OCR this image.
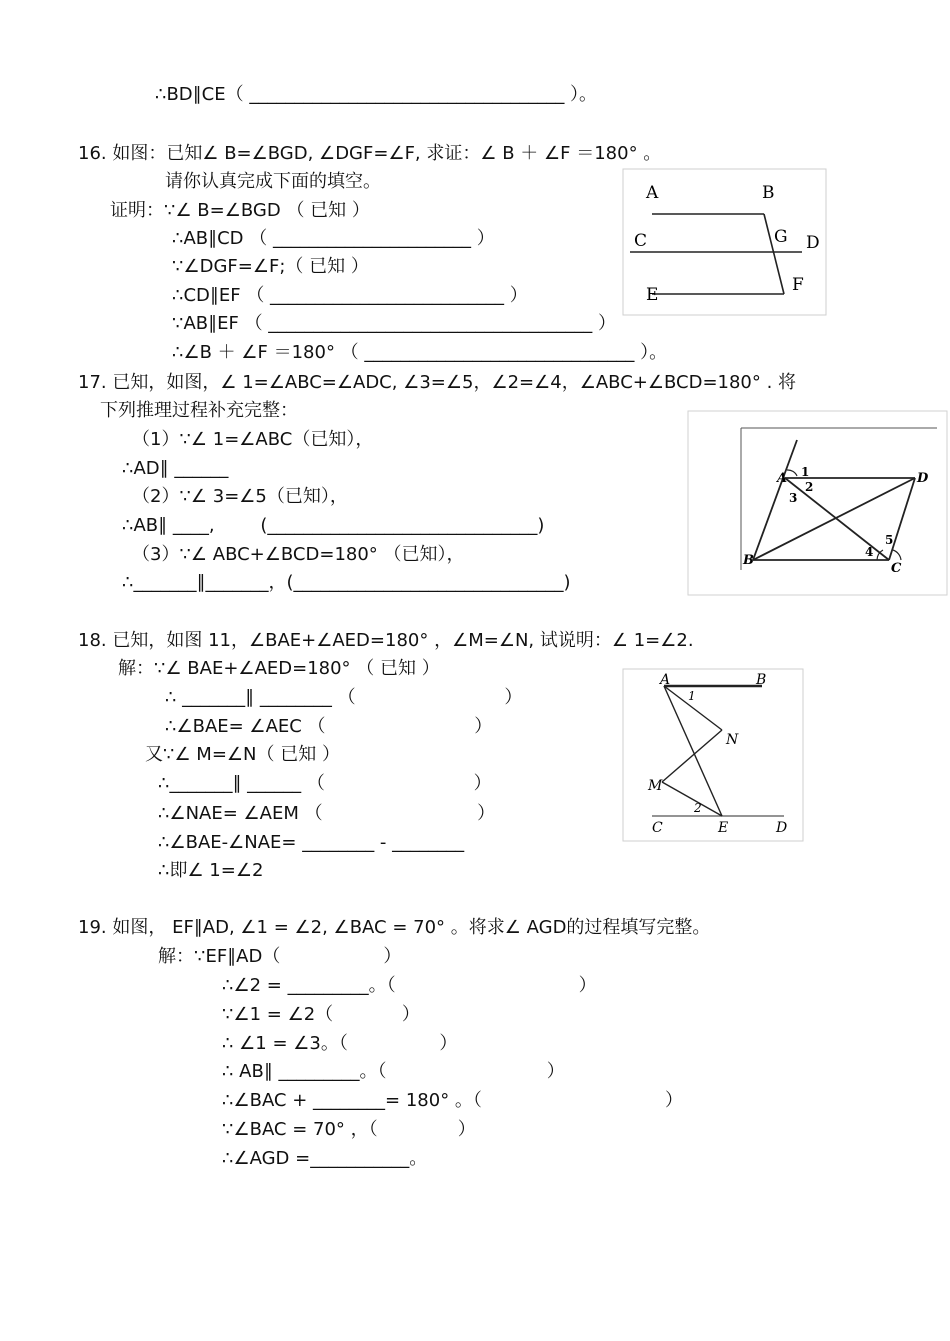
∴BD∥CE（ ___________________________________ ）。
16. 如图：已知∠ B=∠BGD, ∠DGF=∠F, 求证：∠ B ＋ ∠F ＝180° 。
请你认真完成下面的填空。
证明：∵∠ B=∠BGD （ 已知 ）
∴AB∥CD （ ______________________ ）
∵∠DGF=∠F;（ 已知 ）
∴CD∥EF （ __________________________ ）
∵AB∥EF （ ____________________________________ ）
∴∠B ＋ ∠F ＝180° （ ______________________________ ）。
A	B
C	G D
E	F
17. 已知，如图，∠ 1=∠ABC=∠ADC, ∠3=∠5，∠2=∠4，∠ABC+∠BCD=180° . 将
下列推理过程补充完整：
（1）∵∠ 1=∠ABC（已知），
∴AD∥ ______
（2）∵∠ 3=∠5（已知），
∴AB∥ ____,        (______________________________)
（3）∵∠ ABC+∠BCD=180° （已知），
∴_______∥_______，(______________________________)
A 1
2
3
D
B
4
5
C
18. 已知，如图 11，∠BAE+∠AED=180° ，∠M=∠N, 试说明：∠ 1=∠2.
解：∵∠ BAE+∠AED=180° （ 已知 ）
∴ _______∥ ________ （                          ）
∴∠BAE= ∠AEC （                          ）
又∵∠ M=∠N（ 已知 ）
∴_______∥ ______ （                          ）
∴∠NAE= ∠AEM （                           ）
∴∠BAE-∠NAE= ________ - ________
∴即∠ 1=∠2
A	B
1
N
M
2
C	E	D
19. 如图， EF∥AD, ∠1 = ∠2, ∠BAC = 70° 。将求∠ AGD的过程填写完整。
解：∵EF∥AD（                  ）
∴∠2 = _________。（                                ）
∵∠1 = ∠2（            ）
∴ ∠1 = ∠3。（                ）
∴ AB∥ _________。（                            ）
∴∠BAC + ________= 180° 。（                                ）
∵∠BAC = 70° ，（              ）
∴∠AGD =___________。
